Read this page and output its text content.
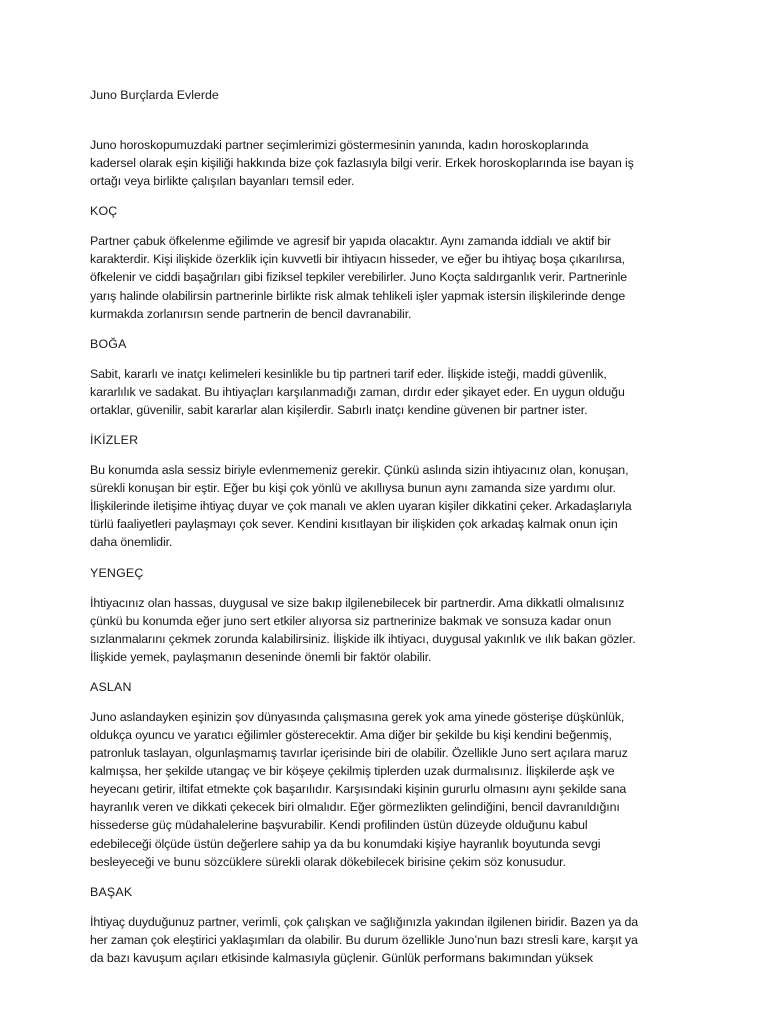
Juno Burçlarda Evlerde
Juno horoskopumuzdaki partner seçimlerimizi göstermesinin yanında, kadın horoskoplarında
kadersel olarak eşin kişiliği hakkında bize çok fazlasıyla bilgi verir. Erkek horoskoplarında ise bayan iş
ortağı veya birlikte çalışılan bayanları temsil eder.
KOÇ
Partner çabuk öfkelenme eğilimde ve agresif bir yapıda olacaktır. Aynı zamanda iddialı ve aktif bir
karakterdir. Kişi ilişkide özerklik için kuvvetli bir ihtiyacın hisseder, ve eğer bu ihtiyaç boşa çıkarılırsa,
öfkelenir ve ciddi başağrıları gibi fiziksel tepkiler verebilirler. Juno Koçta saldırganlık verir. Partnerinle
yarış halinde olabilirsin partnerinle birlikte risk almak tehlikeli işler yapmak istersin ilişkilerinde denge
kurmakda zorlanırsın sende partnerin de bencil davranabilir.
BOĞA
Sabit, kararlı ve inatçı kelimeleri kesinlikle bu tip partneri tarif eder. İlişkide isteği, maddi güvenlik,
kararlılık ve sadakat. Bu ihtiyaçları karşılanmadığı zaman, dırdır eder şikayet eder. En uygun olduğu
ortaklar, güvenilir, sabit kararlar alan kişilerdir. Sabırlı inatçı kendine güvenen bir partner ister.
İKİZLER
Bu konumda asla sessiz biriyle evlenmemeniz gerekir. Çünkü aslında sizin ihtiyacınız olan, konuşan,
sürekli konuşan bir eştir. Eğer bu kişi çok yönlü ve akıllıysa bunun aynı zamanda size yardımı olur.
İlişkilerinde iletişime ihtiyaç duyar ve çok manalı ve aklen uyaran kişiler dikkatini çeker. Arkadaşlarıyla
türlü faaliyetleri paylaşmayı çok sever. Kendini kısıtlayan bir ilişkiden çok arkadaş kalmak onun için
daha önemlidir.
YENGEÇ
İhtiyacınız olan hassas, duygusal ve size bakıp ilgilenebilecek bir partnerdir. Ama dikkatli olmalısınız
çünkü bu konumda eğer juno sert etkiler alıyorsa siz partnerinize bakmak ve sonsuza kadar onun
sızlanmalarını çekmek zorunda kalabilirsiniz. İlişkide ilk ihtiyacı, duygusal yakınlık ve ılık bakan gözler.
İlişkide yemek, paylaşmanın deseninde önemli bir faktör olabilir.
ASLAN
Juno aslandayken eşinizin şov dünyasında çalışmasına gerek yok ama yinede gösterişe düşkünlük,
oldukça oyuncu ve yaratıcı eğilimler gösterecektir. Ama diğer bir şekilde bu kişi kendini beğenmiş,
patronluk taslayan, olgunlaşmamış tavırlar içerisinde biri de olabilir. Özellikle Juno sert açılara maruz
kalmışsa, her şekilde utangaç ve bir köşeye çekilmiş tiplerden uzak durmalısınız. İlişkilerde aşk ve
heyecanı getirir, iltifat etmekte çok başarılıdır. Karşısındaki kişinin gururlu olmasını aynı şekilde sana
hayranlık veren ve dikkati çekecek biri olmalıdır. Eğer görmezlikten gelindiğini, bencil davranıldığını
hissederse güç müdahalelerine başvurabilir. Kendi profilinden üstün düzeyde olduğunu kabul
edebileceği ölçüde üstün değerlere sahip ya da bu konumdaki kişiye hayranlık boyutunda sevgi
besleyeceği ve bunu sözcüklere sürekli olarak dökebilecek birisine çekim söz konusudur.
BAŞAK
İhtiyaç duyduğunuz partner, verimli, çok çalışkan ve sağlığınızla yakından ilgilenen biridir. Bazen ya da
her zaman çok eleştirici yaklaşımları da olabilir. Bu durum özellikle Juno’nun bazı stresli kare, karşıt ya
da bazı kavuşum açıları etkisinde kalmasıyla güçlenir. Günlük performans bakımından yüksek
